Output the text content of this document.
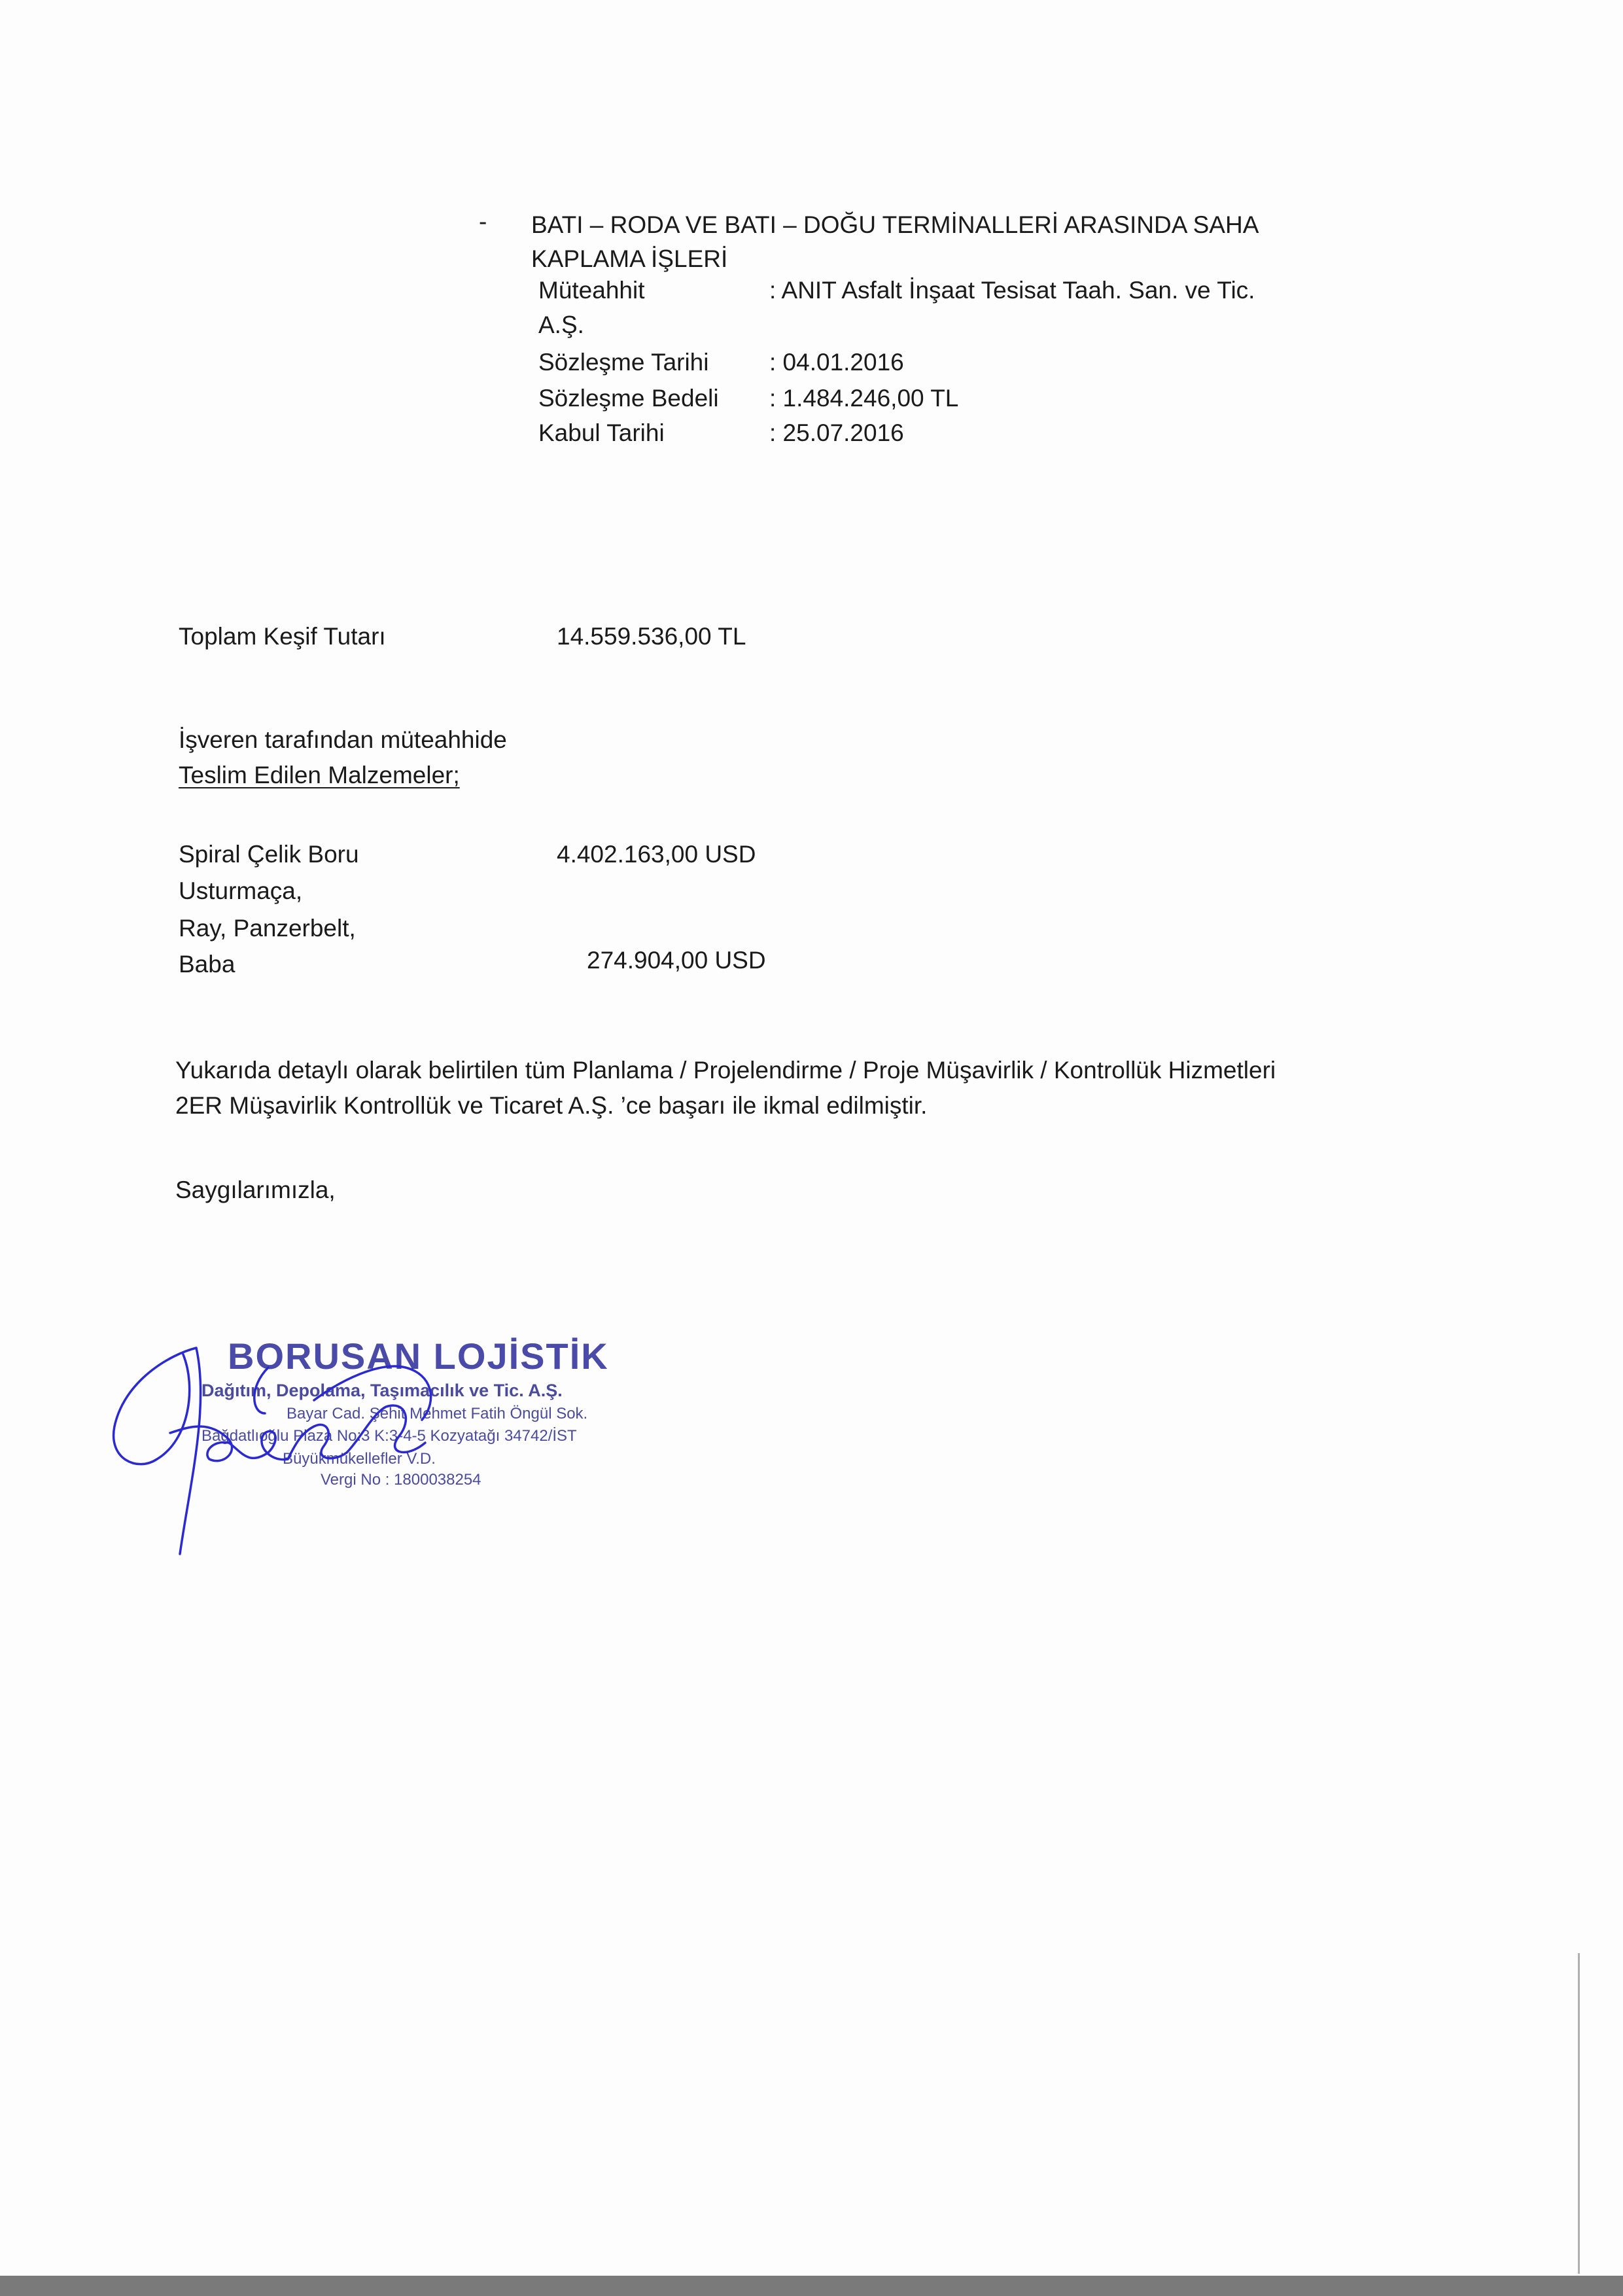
- BATI – RODA VE BATI – DOĞU TERMİNALLERİ ARASINDA SAHA KAPLAMA İŞLERİ
Müteahhit	: ANIT Asfalt İnşaat Tesisat Taah. San. ve Tic.
A.Ş.
Sözleşme Tarihi	: 04.01.2016
Sözleşme Bedeli : 1.484.246,00 TL
Kabul Tarihi	: 25.07.2016
Toplam Keşif Tutarı	14.559.536,00 TL
İşveren tarafından müteahhide
Teslim Edilen Malzemeler;
Spiral Çelik Boru	4.402.163,00 USD
Usturmaça,
Ray, Panzerbelt,
Baba	274.904,00 USD
Yukarıda detaylı olarak belirtilen tüm Planlama / Projelendirme / Proje Müşavirlik / Kontrollük Hizmetleri
2ER Müşavirlik Kontrollük ve Ticaret A.Ş. ’ce başarı ile ikmal edilmiştir.
Saygılarımızla,
BORUSAN LOJİSTİK
Dağıtım, Depolama, Taşımacılık ve Tic. A.Ş.
Bayar Cad. Şehit Mehmet Fatih Öngül Sok.
Bağdatlıoğlu Plaza No:3 K:3-4-5 Kozyatağı 34742/İST
Büyükmükellefler V.D.
Vergi No : 1800038254
